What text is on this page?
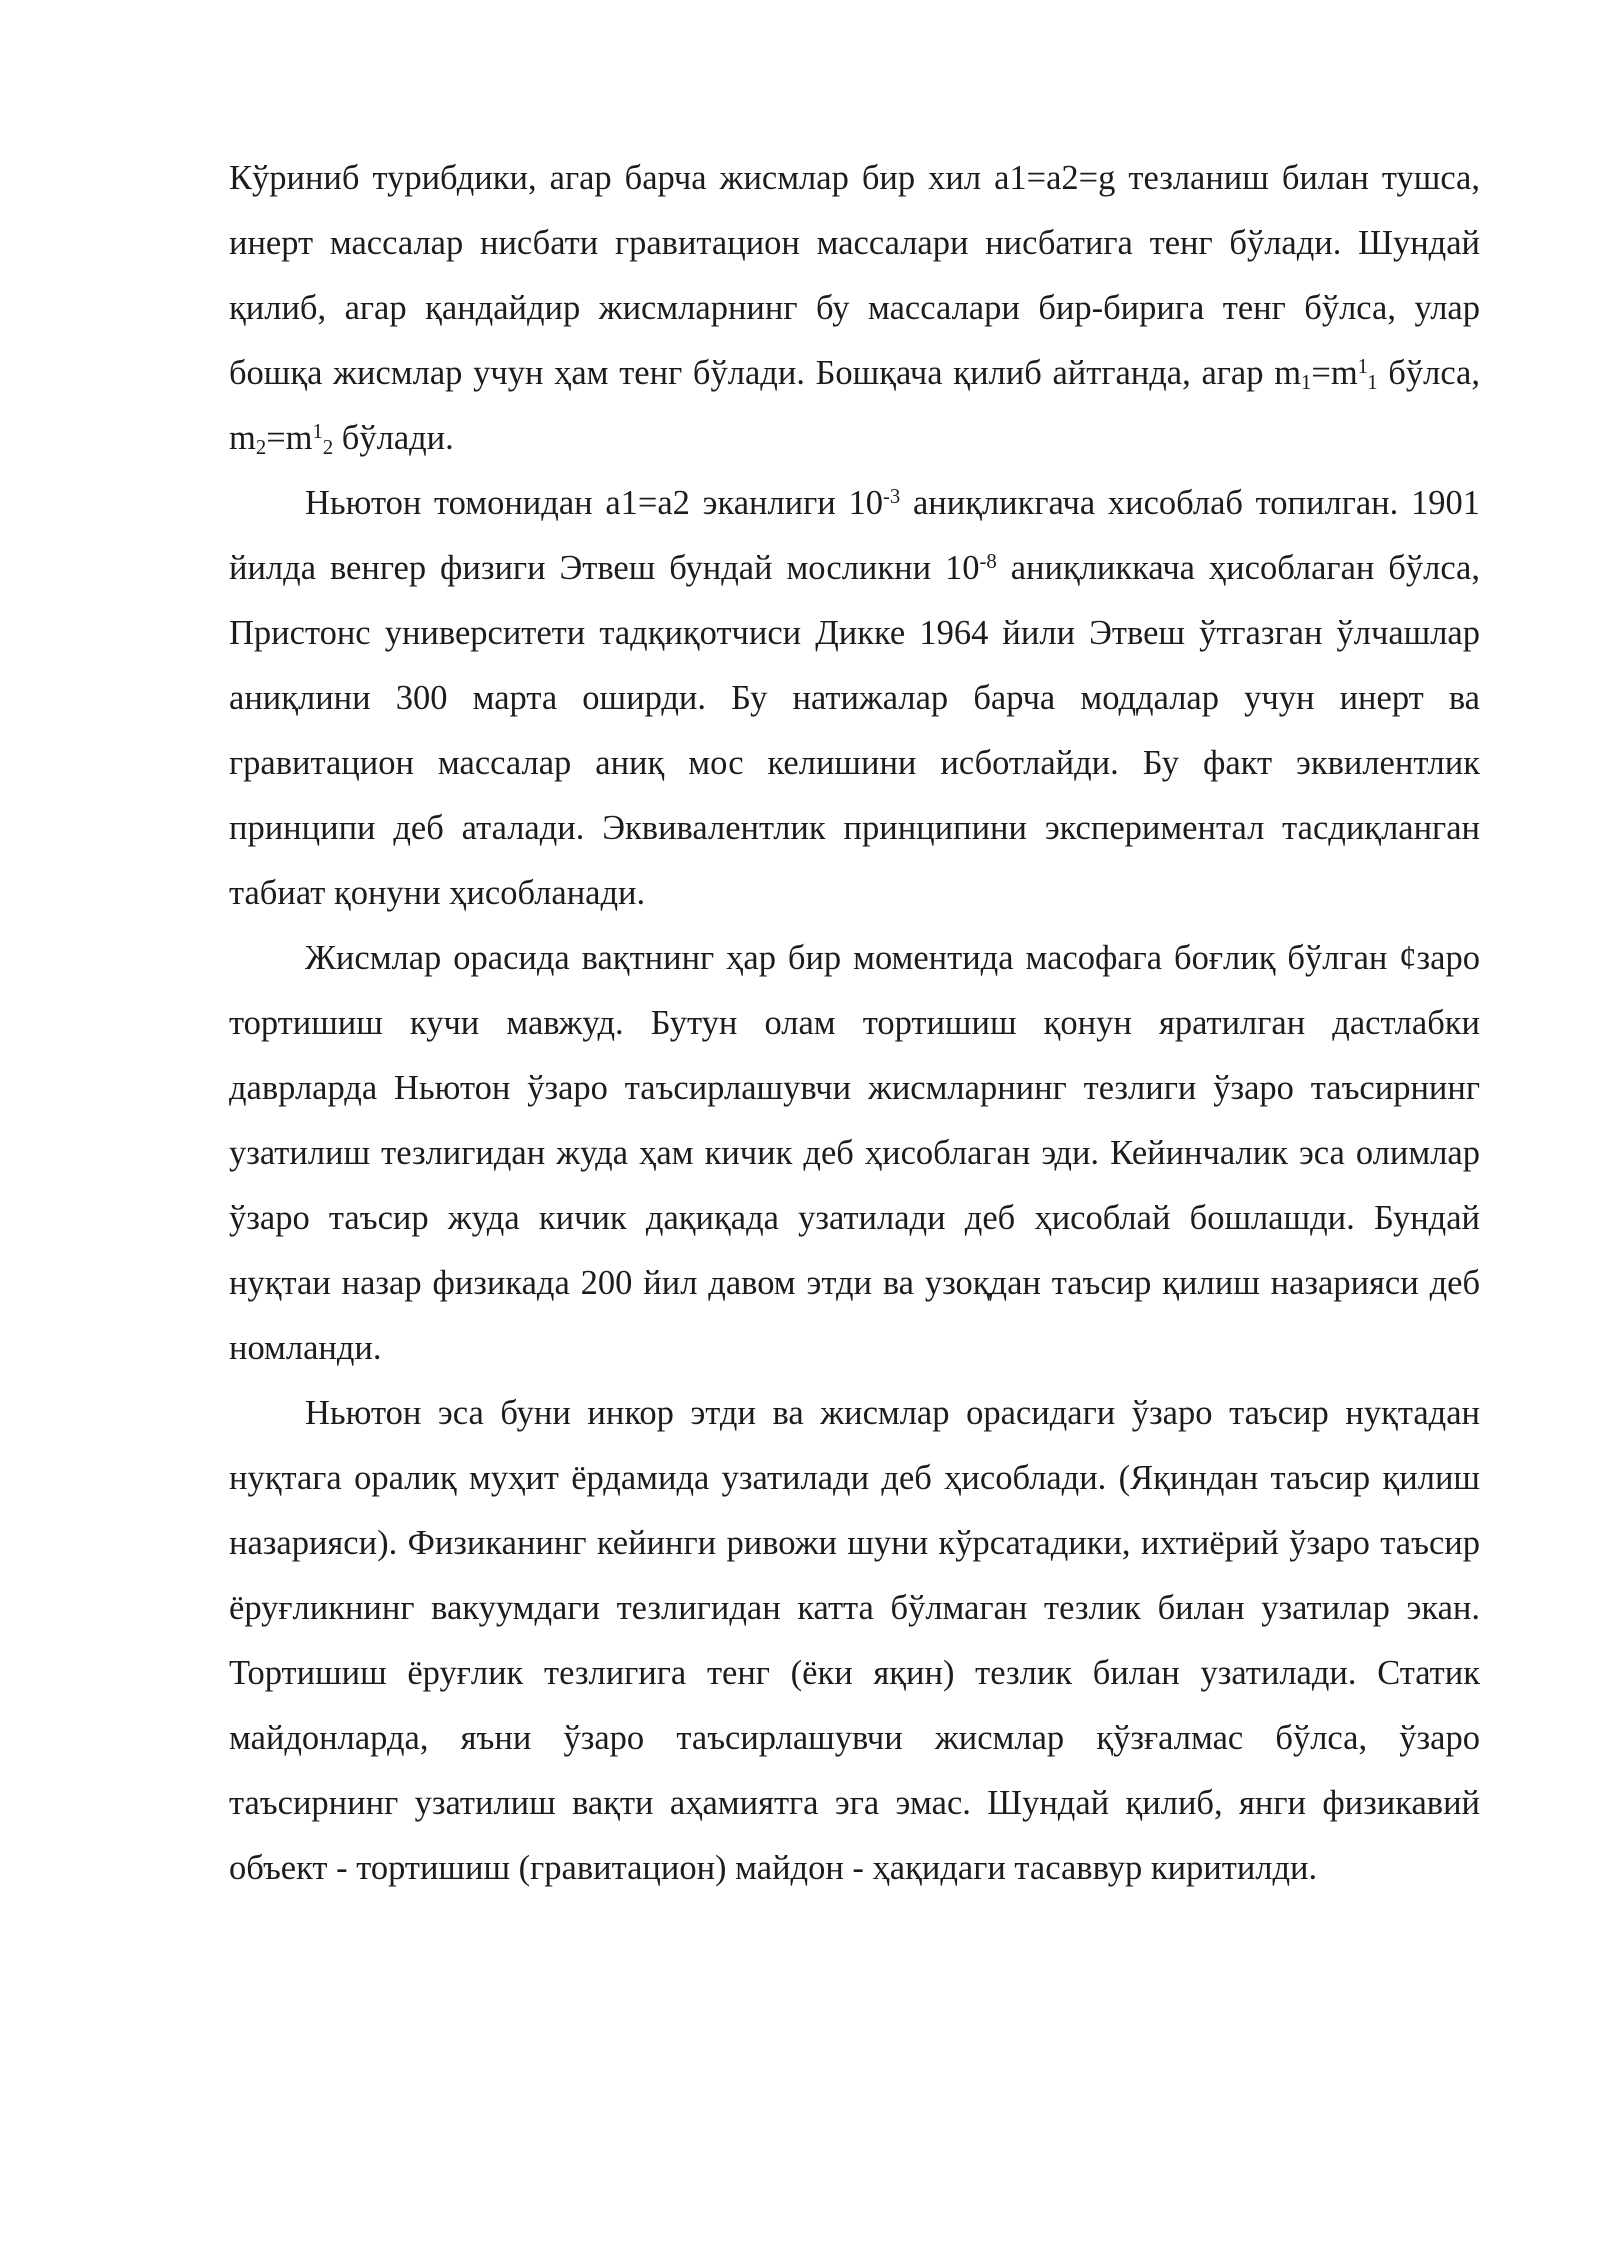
Кўриниб турибдики, агар барча жисмлар бир хил а1=а2=g тезланиш билан тушса, инерт массалар нисбати гравитацион массалари нисбатига тенг бўлади. Шундай қилиб, агар қандайдир жисмларнинг бу массалари бир-бирига тенг бўлса, улар бошқа жисмлар учун ҳам тенг бўлади. Бошқача қилиб айтганда, агар $m_1=m^1_1$ бўлса, $m_2=m^1_2$ бўлади.

Ньютон томонидан а1=а2 эканлиги $10^{-3}$ аниқликгача хисоблаб топилган. 1901 йилда венгер физиги Этвеш бундай мосликни $10^{-8}$ аниқликкача ҳисоблаган бўлса, Пристонс университети тадқиқотчиси Дикке 1964 йили Этвеш ўтгазган ўлчашлар аниқлини 300 марта оширди. Бу натижалар барча моддалар учун инерт ва гравитацион массалар аниқ мос келишини исботлайди. Бу факт эквилентлик принципи деб аталади. Эквивалентлик принципини экспериментал тасдиқланган табиат қонуни ҳисобланади.

Жисмлар орасида вақтнинг ҳар бир моментида масофага боғлиқ бўлган ¢заро тортишиш кучи мавжуд. Бутун олам тортишиш қонун яратилган дастлабки даврларда Ньютон ўзаро таъсирлашувчи жисмларнинг тезлиги ўзаро таъсирнинг узатилиш тезлигидан жуда ҳам кичик деб ҳисоблаган эди. Кейинчалик эса олимлар ўзаро таъсир жуда кичик дақиқада узатилади деб ҳисоблай бошлашди. Бундай нуқтаи назар физикада 200 йил давом этди ва узоқдан таъсир қилиш назарияси деб номланди.

Ньютон эса буни инкор этди ва жисмлар орасидаги ўзаро таъсир нуқтадан нуқтага оралиқ муҳит ёрдамида узатилади деб ҳисоблади. (Яқиндан таъсир қилиш назарияси). Физиканинг кейинги ривожи шуни кўрсатадики, ихтиёрий ўзаро таъсир ёруғликнинг вакуумдаги тезлигидан катта бўлмаган тезлик билан узатилар экан. Тортишиш ёруғлик тезлигига тенг (ёки яқин) тезлик билан узатилади. Статик майдонларда, яъни ўзаро таъсирлашувчи жисмлар қўзғалмас бўлса, ўзаро таъсирнинг узатилиш вақти аҳамиятга эга эмас. Шундай қилиб, янги физикавий объект - тортишиш (гравитацион) майдон - ҳақидаги тасаввур киритилди.
